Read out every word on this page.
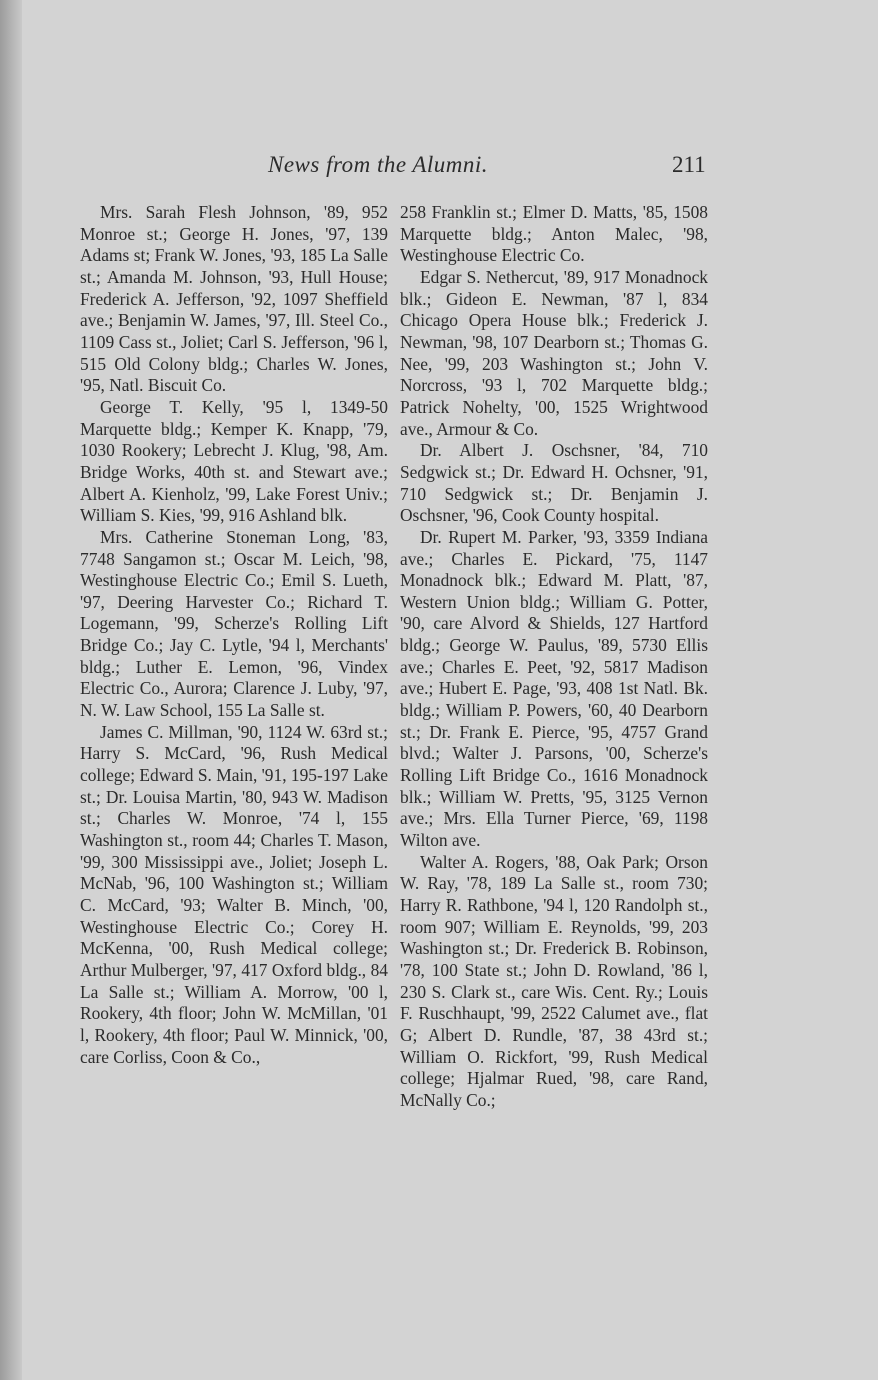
News from the Alumni.	211

Mrs. Sarah Flesh Johnson, '89, 952 Monroe st.; George H. Jones, '97, 139 Adams st; Frank W. Jones, '93, 185 La Salle st.; Amanda M. Johnson, '93, Hull House; Frederick A. Jefferson, '92, 1097 Sheffield ave.; Benjamin W. James, '97, Ill. Steel Co., 1109 Cass st., Joliet; Carl S. Jefferson, '96 l, 515 Old Colony bldg.; Charles W. Jones, '95, Natl. Biscuit Co.

George T. Kelly, '95 l, 1349-50 Marquette bldg.; Kemper K. Knapp, '79, 1030 Rookery; Lebrecht J. Klug, '98, Am. Bridge Works, 40th st. and Stewart ave.; Albert A. Kienholz, '99, Lake Forest Univ.; William S. Kies, '99, 916 Ashland blk.

Mrs. Catherine Stoneman Long, '83, 7748 Sangamon st.; Oscar M. Leich, '98, Westinghouse Electric Co.; Emil S. Lueth, '97, Deering Harvester Co.; Richard T. Logemann, '99, Scherze's Rolling Lift Bridge Co.; Jay C. Lytle, '94 l, Merchants' bldg.; Luther E. Lemon, '96, Vindex Electric Co., Aurora; Clarence J. Luby, '97, N. W. Law School, 155 La Salle st.

James C. Millman, '90, 1124 W. 63rd st.; Harry S. McCard, '96, Rush Medical college; Edward S. Main, '91, 195-197 Lake st.; Dr. Louisa Martin, '80, 943 W. Madison st.; Charles W. Monroe, '74 l, 155 Washington st., room 44; Charles T. Mason, '99, 300 Mississippi ave., Joliet; Joseph L. McNab, '96, 100 Washington st.; William C. McCard, '93; Walter B. Minch, '00, Westinghouse Electric Co.; Corey H. McKenna, '00, Rush Medical college; Arthur Mulberger, '97, 417 Oxford bldg., 84 La Salle st.; William A. Morrow, '00 l, Rookery, 4th floor; John W. McMillan, '01 l, Rookery, 4th floor; Paul W. Minnick, '00, care Corliss, Coon & Co.,

258 Franklin st.; Elmer D. Matts, '85, 1508 Marquette bldg.; Anton Malec, '98, Westinghouse Electric Co.

Edgar S. Nethercut, '89, 917 Monadnock blk.; Gideon E. Newman, '87 l, 834 Chicago Opera House blk.; Frederick J. Newman, '98, 107 Dearborn st.; Thomas G. Nee, '99, 203 Washington st.; John V. Norcross, '93 l, 702 Marquette bldg.; Patrick Nohelty, '00, 1525 Wrightwood ave., Armour & Co.

Dr. Albert J. Oschsner, '84, 710 Sedgwick st.; Dr. Edward H. Ochsner, '91, 710 Sedgwick st.; Dr. Benjamin J. Oschsner, '96, Cook County hospital.

Dr. Rupert M. Parker, '93, 3359 Indiana ave.; Charles E. Pickard, '75, 1147 Monadnock blk.; Edward M. Platt, '87, Western Union bldg.; William G. Potter, '90, care Alvord & Shields, 127 Hartford bldg.; George W. Paulus, '89, 5730 Ellis ave.; Charles E. Peet, '92, 5817 Madison ave.; Hubert E. Page, '93, 408 1st Natl. Bk. bldg.; William P. Powers, '60, 40 Dearborn st.; Dr. Frank E. Pierce, '95, 4757 Grand blvd.; Walter J. Parsons, '00, Scherze's Rolling Lift Bridge Co., 1616 Monadnock blk.; William W. Pretts, '95, 3125 Vernon ave.; Mrs. Ella Turner Pierce, '69, 1198 Wilton ave.

Walter A. Rogers, '88, Oak Park; Orson W. Ray, '78, 189 La Salle st., room 730; Harry R. Rathbone, '94 l, 120 Randolph st., room 907; William E. Reynolds, '99, 203 Washington st.; Dr. Frederick B. Robinson, '78, 100 State st.; John D. Rowland, '86 l, 230 S. Clark st., care Wis. Cent. Ry.; Louis F. Ruschhaupt, '99, 2522 Calumet ave., flat G; Albert D. Rundle, '87, 38 43rd st.; William O. Rickfort, '99, Rush Medical college; Hjalmar Rued, '98, care Rand, McNally Co.;
